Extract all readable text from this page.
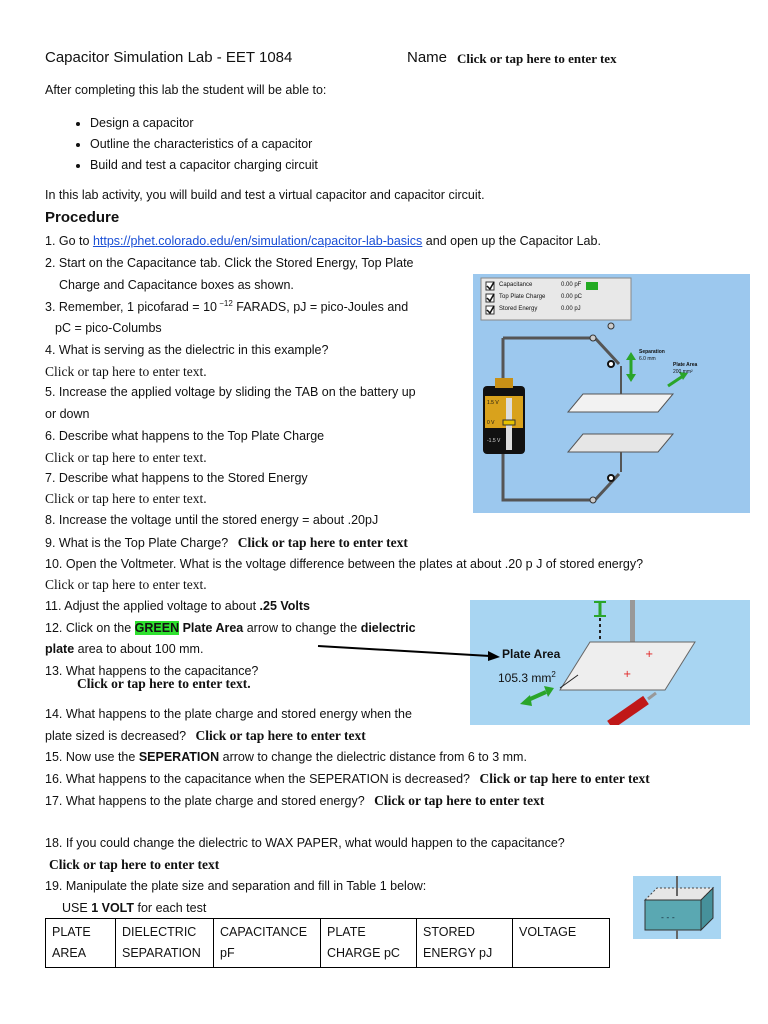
Capacitor Simulation Lab - EET 1084	Name Click or tap here to enter tex
After completing this lab the student will be able to:
• Design a capacitor
• Outline the characteristics of a capacitor
• Build and test a capacitor charging circuit
In this lab activity, you will build and test a virtual capacitor and capacitor circuit.
Procedure
1. Go to https://phet.colorado.edu/en/simulation/capacitor-lab-basics and open up the Capacitor Lab.
2. Start on the Capacitance tab. Click the Stored Energy, Top Plate
Charge and Capacitance boxes as shown.
3. Remember, 1 picofarad = 10 $^{-12}$ FARADS, pJ = pico-Joules and
pC = pico-Columbs
4. What is serving as the dielectric in this example?
Click or tap here to enter text.
5. Increase the applied voltage by sliding the TAB on the battery up
or down
6. Describe what happens to the Top Plate Charge
Click or tap here to enter text.
7. Describe what happens to the Stored Energy
Click or tap here to enter text.
8. Increase the voltage until the stored energy = about .20pJ
9. What is the Top Plate Charge? Click or tap here to enter text
10. Open the Voltmeter. What is the voltage difference between the plates at about .20 p J of stored energy?
Click or tap here to enter text.
11. Adjust the applied voltage to about .25 Volts
12. Click on the GREEN Plate Area arrow to change the dielectric
plate area to about 100 mm.
13. What happens to the capacitance?
Click or tap here to enter text.
14. What happens to the plate charge and stored energy when the
plate sized is decreased? Click or tap here to enter text
15. Now use the SEPERATION arrow to change the dielectric distance from 6 to 3 mm.
16. What happens to the capacitance when the SEPERATION is decreased? Click or tap here to enter text
17. What happens to the plate charge and stored energy? Click or tap here to enter text
18. If you could change the dielectric to WAX PAPER, what would happen to the capacitance?
Click or tap here to enter text
19. Manipulate the plate size and separation and fill in Table 1 below:
USE 1 VOLT for each test
PLATE
AREA

DIELECTRIC
SEPARATION

CAPACITANCE
pF

PLATE
CHARGE pC

STORED
ENERGY pJ

VOLTAGE

Capacitance	0.00 pF
Top Plate Charge	0.00 pC
Stored Energy	0.00 pJ
Separation
6.0 mm
Plate Area
200 mm²
1.5 V
0 V
-1.5 V
+
+
Plate Area
105.3 $mm^2$
- - -
